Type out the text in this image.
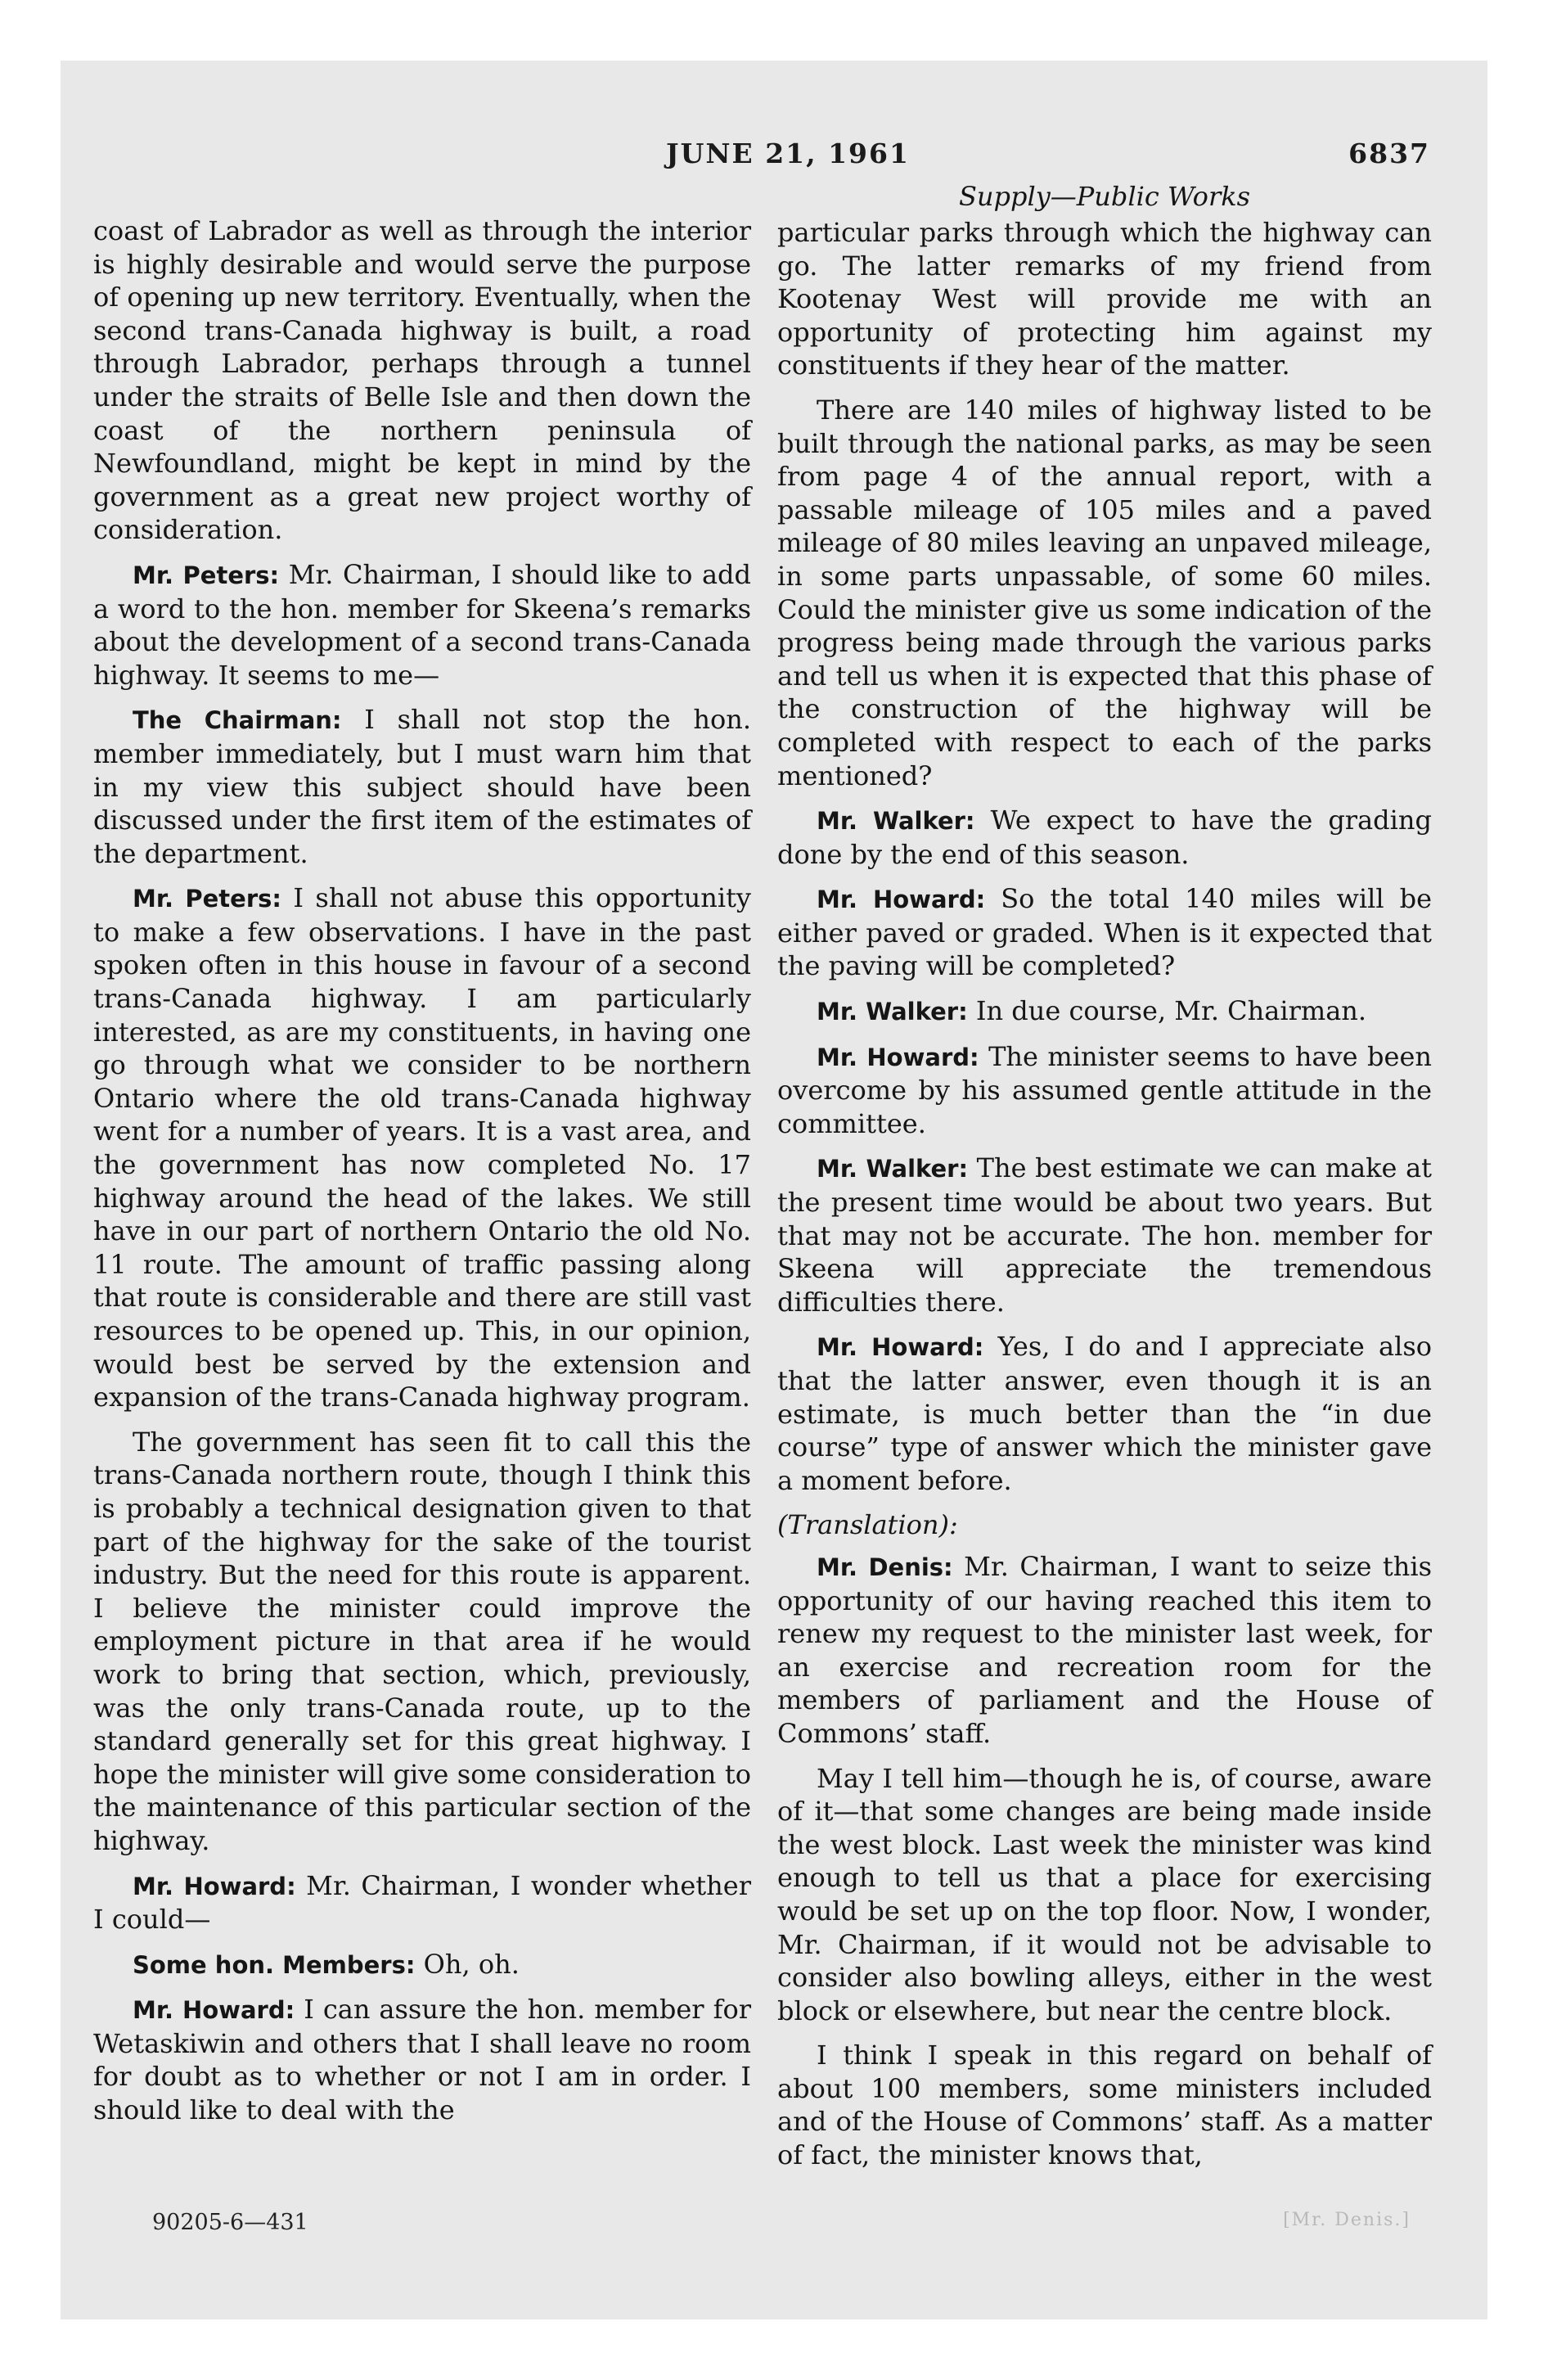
JUNE 21, 1961	6837

coast of Labrador as well as through the interior is highly desirable and would serve the purpose of opening up new territory. Eventually, when the second trans-Canada highway is built, a road through Labrador, perhaps through a tunnel under the straits of Belle Isle and then down the coast of the northern peninsula of Newfoundland, might be kept in mind by the government as a great new project worthy of consideration.

Mr. Peters: Mr. Chairman, I should like to add a word to the hon. member for Skeena’s remarks about the development of a second trans-Canada highway. It seems to me—

The Chairman: I shall not stop the hon. member immediately, but I must warn him that in my view this subject should have been discussed under the first item of the estimates of the department.

Mr. Peters: I shall not abuse this opportunity to make a few observations. I have in the past spoken often in this house in favour of a second trans-Canada highway. I am particularly interested, as are my constituents, in having one go through what we consider to be northern Ontario where the old trans-Canada highway went for a number of years. It is a vast area, and the government has now completed No. 17 highway around the head of the lakes. We still have in our part of northern Ontario the old No. 11 route. The amount of traffic passing along that route is considerable and there are still vast resources to be opened up. This, in our opinion, would best be served by the extension and expansion of the trans-Canada highway program.

The government has seen fit to call this the trans-Canada northern route, though I think this is probably a technical designation given to that part of the highway for the sake of the tourist industry. But the need for this route is apparent. I believe the minister could improve the employment picture in that area if he would work to bring that section, which, previously, was the only trans-Canada route, up to the standard generally set for this great highway. I hope the minister will give some consideration to the maintenance of this particular section of the highway.

Mr. Howard: Mr. Chairman, I wonder whether I could—

Some hon. Members: Oh, oh.

Mr. Howard: I can assure the hon. member for Wetaskiwin and others that I shall leave no room for doubt as to whether or not I am in order. I should like to deal with the

Supply—Public Works

particular parks through which the highway can go. The latter remarks of my friend from Kootenay West will provide me with an opportunity of protecting him against my constituents if they hear of the matter.

There are 140 miles of highway listed to be built through the national parks, as may be seen from page 4 of the annual report, with a passable mileage of 105 miles and a paved mileage of 80 miles leaving an unpaved mileage, in some parts unpassable, of some 60 miles. Could the minister give us some indication of the progress being made through the various parks and tell us when it is expected that this phase of the construction of the highway will be completed with respect to each of the parks mentioned?

Mr. Walker: We expect to have the grading done by the end of this season.

Mr. Howard: So the total 140 miles will be either paved or graded. When is it expected that the paving will be completed?

Mr. Walker: In due course, Mr. Chairman.

Mr. Howard: The minister seems to have been overcome by his assumed gentle attitude in the committee.

Mr. Walker: The best estimate we can make at the present time would be about two years. But that may not be accurate. The hon. member for Skeena will appreciate the tremendous difficulties there.

Mr. Howard: Yes, I do and I appreciate also that the latter answer, even though it is an estimate, is much better than the “in due course” type of answer which the minister gave a moment before.

(Translation):

Mr. Denis: Mr. Chairman, I want to seize this opportunity of our having reached this item to renew my request to the minister last week, for an exercise and recreation room for the members of parliament and the House of Commons’ staff.

May I tell him—though he is, of course, aware of it—that some changes are being made inside the west block. Last week the minister was kind enough to tell us that a place for exercising would be set up on the top floor. Now, I wonder, Mr. Chairman, if it would not be advisable to consider also bowling alleys, either in the west block or elsewhere, but near the centre block.

I think I speak in this regard on behalf of about 100 members, some ministers included and of the House of Commons’ staff. As a matter of fact, the minister knows that,

90205-6—431	[Mr. Denis.]
